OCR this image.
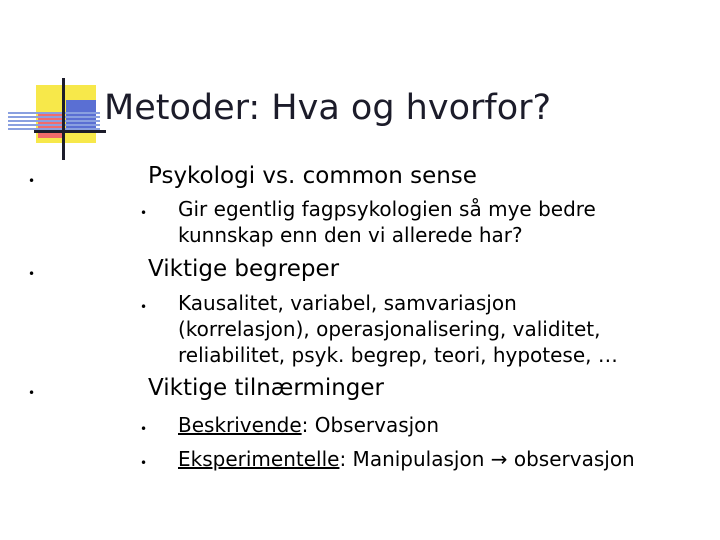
Metoder: Hva og hvorfor?
•	Psykologi vs. common sense
• Gir egentlig fagpsykologien så mye bedre
kunnskap enn den vi allerede har?
•	Viktige begreper
• Kausalitet, variabel, samvariasjon
(korrelasjon), operasjonalisering, validitet,
reliabilitet, psyk. begrep, teori, hypotese, …
•	Viktige tilnærminger
• Beskrivende: Observasjon
• Eksperimentelle: Manipulasjon → observasjon
